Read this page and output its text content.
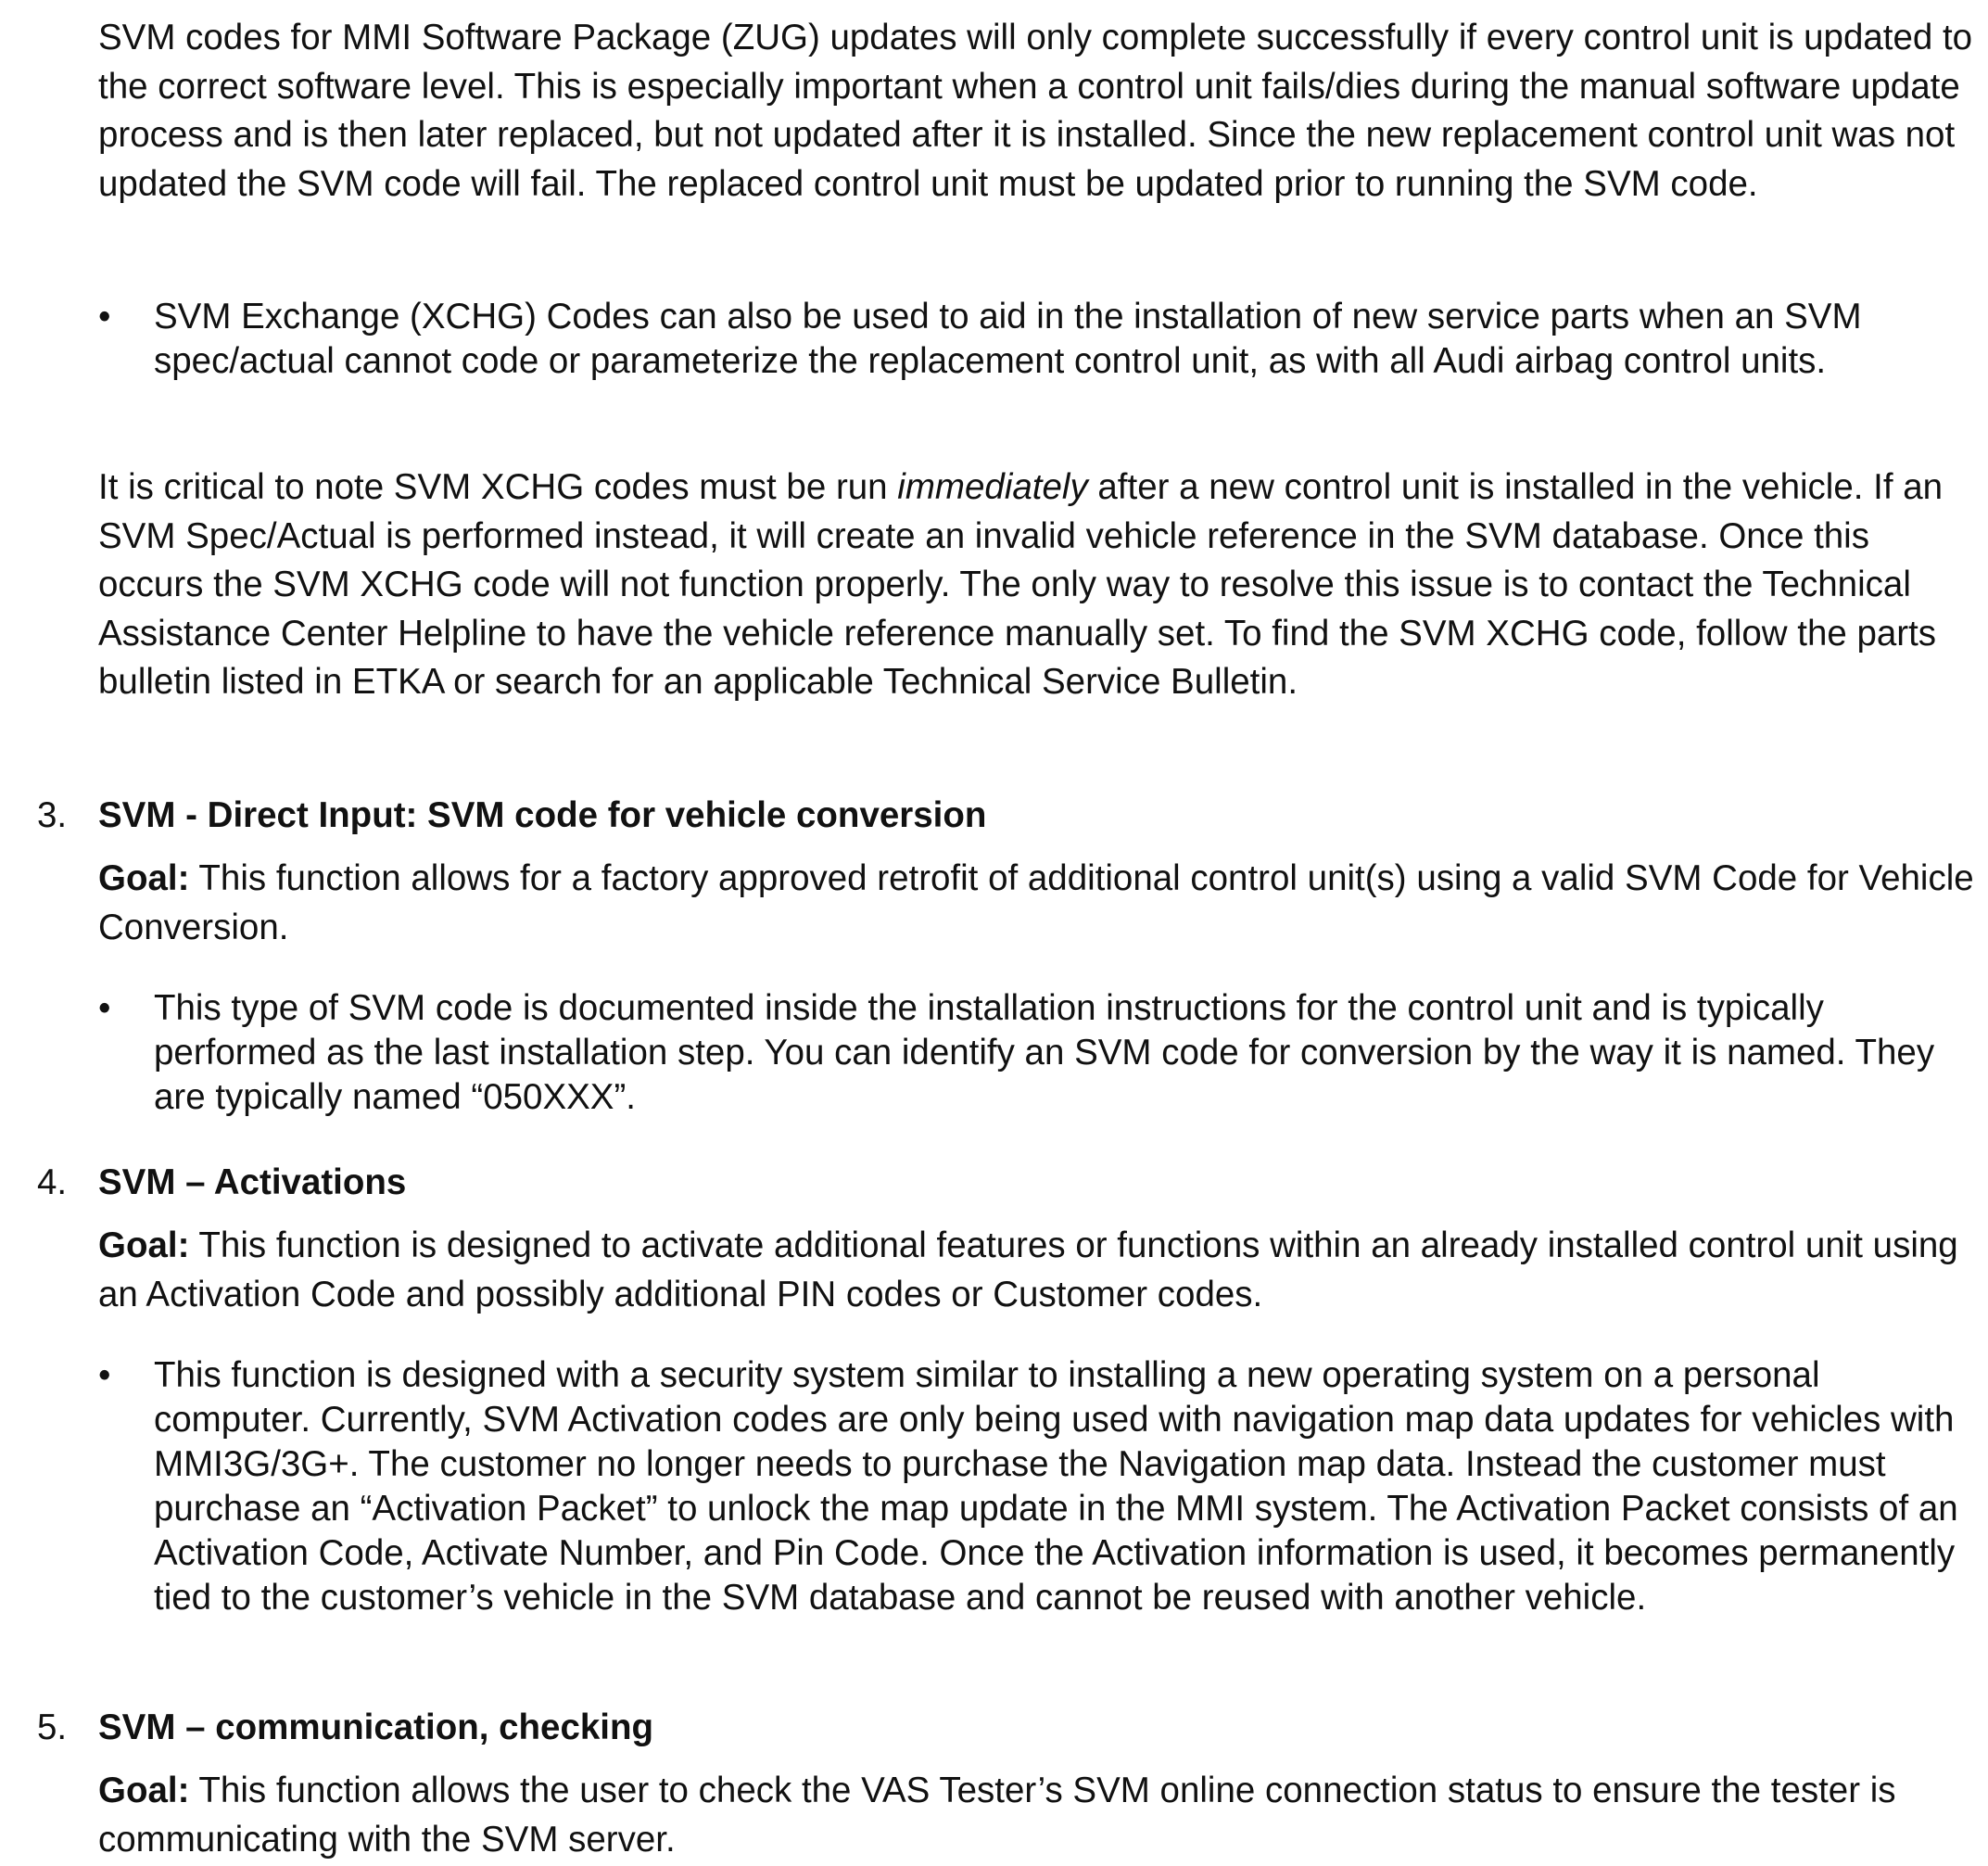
SVM codes for MMI Software Package (ZUG) updates will only complete successfully if every control unit is updated to the correct software level. This is especially important when a control unit fails/dies during the manual software update process and is then later replaced, but not updated after it is installed. Since the new replacement control unit was not updated the SVM code will fail. The replaced control unit must be updated prior to running the SVM code.

•	SVM Exchange (XCHG) Codes can also be used to aid in the installation of new service parts when an SVM spec/actual cannot code or parameterize the replacement control unit, as with all Audi airbag control units.

It is critical to note SVM XCHG codes must be run immediately after a new control unit is installed in the vehicle. If an SVM Spec/Actual is performed instead, it will create an invalid vehicle reference in the SVM database. Once this occurs the SVM XCHG code will not function properly. The only way to resolve this issue is to contact the Technical Assistance Center Helpline to have the vehicle reference manually set. To find the SVM XCHG code, follow the parts bulletin listed in ETKA or search for an applicable Technical Service Bulletin.

3. SVM - Direct Input: SVM code for vehicle conversion

Goal: This function allows for a factory approved retrofit of additional control unit(s) using a valid SVM Code for Vehicle Conversion.

•	This type of SVM code is documented inside the installation instructions for the control unit and is typically performed as the last installation step. You can identify an SVM code for conversion by the way it is named. They are typically named “050XXX”.
4. SVM – Activations

Goal: This function is designed to activate additional features or functions within an already installed control unit using an Activation Code and possibly additional PIN codes or Customer codes.

•	This function is designed with a security system similar to installing a new operating system on a personal computer. Currently, SVM Activation codes are only being used with navigation map data updates for vehicles with MMI3G/3G+. The customer no longer needs to purchase the Navigation map data. Instead the customer must purchase an “Activation Packet” to unlock the map update in the MMI system. The Activation Packet consists of an Activation Code, Activate Number, and Pin Code. Once the Activation information is used, it becomes permanently tied to the customer’s vehicle in the SVM database and cannot be reused with another vehicle.
5. SVM – communication, checking

Goal: This function allows the user to check the VAS Tester’s SVM online connection status to ensure the tester is communicating with the SVM server.
